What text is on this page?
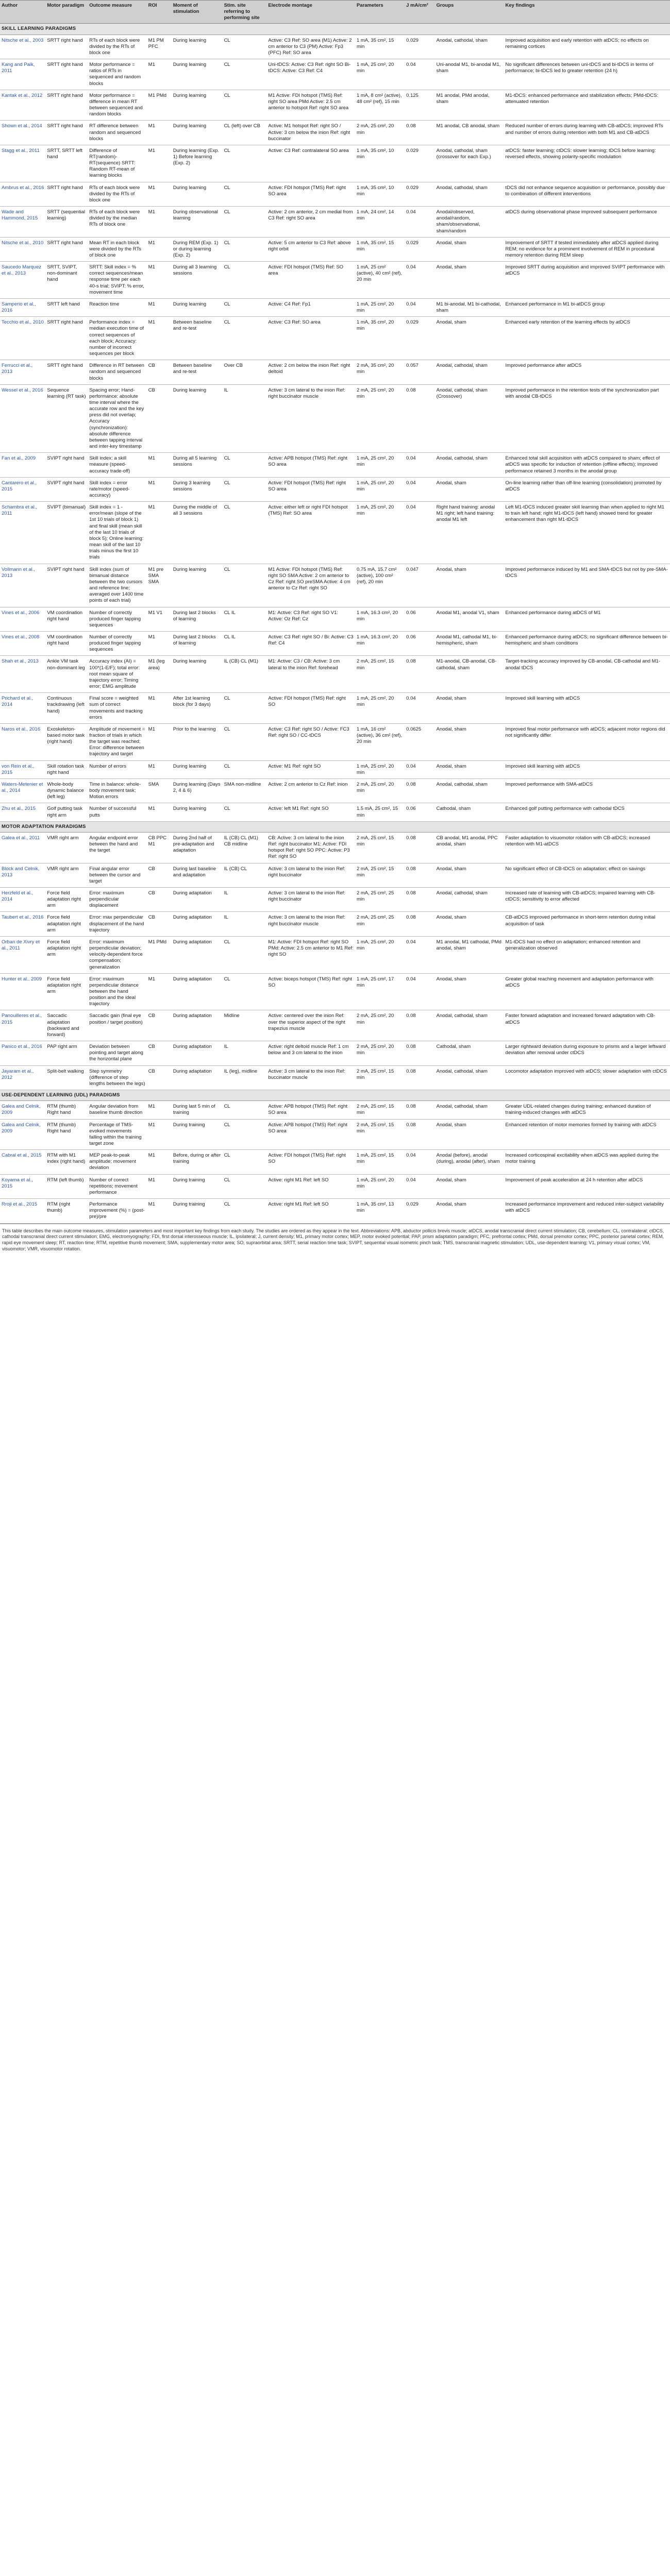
Author	Motor paradigm	Outcome measure	ROI	Moment of stimulation	Stim. site referring to performing site	Electrode montage	Parameters	J mA/cm²	Groups	Key findings
SKILL LEARNING PARADIGMS										
Nitsche et al., 2003	SRTT right hand	RTs of each block were divided by the RTs of block one	M1 PM PFC	During learning	CL	Active: C3 Ref: SO area (M1) Active: 2 cm anterior to C3 (PM) Active: Fp3 (PFC) Ref: SO area	1 mA, 35 cm², 15 min	0.029	Anodal, cathodal, sham	Improved acquisition and early retention with atDCS; no effects on remaining cortices
Kang and Paik, 2011	SRTT right hand	Motor performance = ratios of RTs in sequenced and random blocks	M1	During learning	CL	Uni-tDCS: Active: C3 Ref: right SO Bi-tDCS: Active: C3 Ref: C4	1 mA, 25 cm², 20 min	0.04	Uni-anodal M1, bi-anodal M1, sham	No significant differences between uni-tDCS and bi-tDCS in terms of performance; bi-tDCS led to greater retention (24 h)
Kantak et al., 2012	SRTT right hand	Motor performance = difference in mean RT between sequenced and random blocks	M1 PMd	During learning	CL	M1 Active: FDI hotspot (TMS) Ref: right SO area PMd Active: 2.5 cm anterior to hotspot Ref: right SO area	1 mA, 8 cm² (active), 48 cm² (ref), 15 min	0.125	M1 anodal, PMd anodal, sham	M1-tDCS: enhanced performance and stabilization effects; PMd-tDCS: attenuated retention
Shown et al., 2014	SRTT right hand	RT difference between random and sequenced blocks	M1	During learning	CL (left) over CB	Active: M1 hotspot Ref: right SO / Active: 3 cm below the inion Ref: right buccinator	2 mA, 25 cm², 20 min	0.08	M1 anodal, CB anodal, sham	Reduced number of errors during learning with CB-atDCS; improved RTs and number of errors during retention with both M1 and CB-atDCS
Stagg et al., 2011	SRTT, SRTT left hand	Difference of RT(random)-RT(sequence) SRTT: Random RT-mean of learning blocks	M1	During learning (Exp. 1) Before learning (Exp. 2)	CL	Active: C3 Ref: contralateral SO area	1 mA, 35 cm², 10 min	0.029	Anodal, cathodal, sham (crossover for each Exp.)	atDCS: faster learning; ctDCS: slower learning; tDCS before learning: reversed effects, showing polarity-specific modulation
Ambrus et al., 2016	SRTT right hand	RTs of each block were divided by the RTs of block one	M1	During learning	CL	Active: FDI hotspot (TMS) Ref: right SO area	1 mA, 35 cm², 10 min	0.029	Anodal, cathodal, sham	tDCS did not enhance sequence acquisition or performance, possibly due to combination of different interventions
Wade and Hammond, 2015	SRTT (sequential learning)	RTs of each block were divided by the median RTs of block one	M1	During observational learning	CL	Active: 2 cm anterior, 2 cm medial from C3 Ref: right SO area	1 mA, 24 cm², 14 min	0.04	Anodal/observed, anodal/random, sham/observational, sham/random	atDCS during observational phase improved subsequent performance
Nitsche et al., 2010	SRTT right hand	Mean RT in each block were divided by the RTs of block one	M1	During REM (Exp. 1) or during learning (Exp. 2)	CL	Active: 5 cm anterior to C3 Ref: above right orbit	1 mA, 35 cm², 15 min	0.029	Anodal, sham	Improvement of SRTT if tested immediately after atDCS applied during REM; no evidence for a prominent involvement of REM in procedural memory retention during REM sleep
Saucedo Marquez et al., 2013	SRTT, SVIPT, non-dominant hand	SRTT: Skill index = % correct sequences/mean response time per each 40-s trial; SVIPT: % error, movement time	M1	During all 3 learning sessions	CL	Active: FDI hotspot (TMS) Ref: SO area	1 mA, 25 cm² (active), 40 cm² (ref), 20 min	0.04	Anodal, sham	Improved SRTT during acquisition and improved SVIPT performance with atDCS
Samperio et al., 2016	SRTT left hand	Reaction time	M1	During learning	CL	Active: C4 Ref: Fp1	1 mA, 25 cm², 20 min	0.04	M1 bi-anodal, M1 bi-cathodal, sham	Enhanced performance in M1 bi-atDCS group
Tecchio et al., 2010	SRTT right hand	Performance index = median execution time of correct sequences of each block; Accuracy: number of incorrect sequences per block	M1	Between baseline and re-test	CL	Active: C3 Ref: SO area	1 mA, 35 cm², 20 min	0.029	Anodal, sham	Enhanced early retention of the learning effects by atDCS
Ferrucci et al., 2013	SRTT right hand	Difference in RT between random and sequenced blocks	CB	Between baseline and re-test	Over CB	Active: 2 cm below the inion Ref: right deltoid	2 mA, 35 cm², 20 min	0.057	Anodal, cathodal, sham	Improved performance after atDCS
Wessel et al., 2016	Sequence learning (RT task)	Spacing error; Hand-performance: absolute time interval where the accurate row and the key press did not overlap; Accuracy (synchronization): absolute difference between tapping interval and inter-key timestamp	CB	During learning	IL	Active: 3 cm lateral to the inion Ref: right buccinator muscle	2 mA, 25 cm², 20 min	0.08	Anodal, cathodal, sham (Crossover)	Improved performance in the retention tests of the synchronization part with anodal CB-tDCS
Fan et al., 2009	SVIPT right hand	Skill index: a skill measure (speed-accuracy trade-off)	M1	During all 5 learning sessions	CL	Active: APB hotspot (TMS) Ref: right SO area	1 mA, 25 cm², 20 min	0.04	Anodal, cathodal, sham	Enhanced total skill acquisition with atDCS compared to sham; effect of atDCS was specific for induction of retention (offline effects); improved performance retained 3 months in the anodal group
Cantarero et al., 2015	SVIPT right hand	Skill index = error rate/motor (speed-accuracy)	M1	During 3 learning sessions	CL	Active: FDI hotspot (TMS) Ref: right SO area	1 mA, 25 cm², 20 min	0.04	Anodal, sham	On-line learning rather than off-line learning (consolidation) promoted by atDCS
Schambra et al., 2011	SVIPT (bimanual)	Skill index = 1 - error/mean (slope of the 1st 10 trials of block 1) and final skill (mean skill of the last 10 trials of block 5); Online learning: mean skill of the last 10 trials minus the first 10 trials	M1	During the middle of all 3 sessions	CL	Active: either left or right FDI hotspot (TMS) Ref: SO area	1 mA, 25 cm², 20 min	0.04	Right hand training: anodal M1 right; left hand training: anodal M1 left	Left M1-tDCS induced greater skill learning than when applied to right M1 to train left hand; right M1-tDCS (left hand) showed trend for greater enhancement than right M1-tDCS
Vollmann et al., 2013	SVIPT right hand	Skill index (sum of bimanual distance between the two cursors and reference line; averaged over 1400 time points of each trial)	M1 pre SMA SMA	During learning	CL	M1 Active: FDI hotspot (TMS) Ref: right SO SMA Active: 2 cm anterior to Cz Ref: right SO preSMA Active: 4 cm anterior to Cz Ref: right SO	0.75 mA, 15.7 cm² (active), 100 cm² (ref), 20 min	0.047	Anodal, sham	Improved performance induced by M1 and SMA-tDCS but not by pre-SMA-tDCS
Vines et al., 2006	VM coordination right hand	Number of correctly produced finger tapping sequences	M1 V1	During last 2 blocks of learning	CL IL	M1: Active: C3 Ref: right SO V1: Active: Oz Ref: Cz	1 mA, 16.3 cm², 20 min	0.06	Anodal M1, anodal V1, sham	Enhanced performance during atDCS of M1
Vines et al., 2008	VM coordination right hand	Number of correctly produced finger tapping sequences	M1	During last 2 blocks of learning	CL IL	Active: C3 Ref: right SO / Bi: Active: C3 Ref: C4	1 mA, 16.3 cm², 20 min	0.06	Anodal M1, cathodal M1, bi-hemispheric, sham	Enhanced performance during atDCS; no significant difference between bi-hemispheric and sham conditions
Shah et al., 2013	Ankle VM task non-dominant leg	Accuracy index (AI) = 100*(1-E/F); total error: root mean square of trajectory error; Timing error; EMG amplitude	M1 (leg area)	During learning	IL (CB) CL (M1)	M1: Active: C3 / CB: Active: 3 cm lateral to the inion Ref: forehead	2 mA, 25 cm², 15 min	0.08	M1-anodal, CB-anodal, CB-cathodal, sham	Target-tracking accuracy improved by CB-anodal, CB-cathodal and M1-anodal tDCS
Prichard et al., 2014	Continuous trackdrawing (left hand)	Final score = weighted sum of correct movements and tracking errors	M1	After 1st learning block (for 3 days)	CL	Active: FDI hotspot (TMS) Ref: right SO	1 mA, 25 cm², 20 min	0.04	Anodal, sham	Improved skill learning with atDCS
Naros et al., 2016	Exoskeleton-based motor task (right hand)	Amplitude of movement = fraction of trials in which the target was reached; Error: difference between trajectory and target	M1	Prior to the learning	CL	Active: C3 Ref: right SO / Active: FC3 Ref: right SO / CC-tDCS	1 mA, 16 cm² (active), 36 cm² (ref), 20 min	0.0625	Anodal, sham	Improved final motor performance with atDCS; adjacent motor regions did not significantly differ
von Rein et al., 2015	Skill rotation task right hand	Number of errors	M1	During learning	CL	Active: M1 Ref: right SO	1 mA, 25 cm², 20 min	0.04	Anodal, sham	Improved skill learning with atDCS
Waters-Metenier et al., 2014	Whole-body dynamic balance (left leg)	Time in balance: whole-body movement task; Motion errors	SMA	During learning (Days 2, 4 & 6)	SMA non-midline	Active: 2 cm anterior to Cz Ref: inion	2 mA, 25 cm², 20 min	0.08	Anodal, cathodal, sham	Improved performance with SMA-atDCS
Zhu et al., 2015	Golf putting task right arm	Number of successful putts	M1	During learning	CL	Active: left M1 Ref: right SO	1.5 mA, 25 cm², 15 min	0.06	Cathodal, sham	Enhanced golf putting performance with cathodal tDCS
MOTOR ADAPTATION PARADIGMS										
Galea et al., 2011	VMR right arm	Angular endpoint error between the hand and the target	CB PPC M1	During 2nd half of pre-adaptation and adaptation	IL (CB) CL (M1) CB midline	CB: Active: 3 cm lateral to the inion Ref: right buccinator M1: Active: FDI hotspot Ref: right SO PPC: Active: P3 Ref: right SO	2 mA, 25 cm², 15 min	0.08	CB anodal, M1 anodal, PPC anodal, sham	Faster adaptation to visuomotor rotation with CB-atDCS; increased retention with M1-atDCS
Block and Celnik, 2013	VMR right arm	Final angular error between the cursor and target	CB	During last baseline and adaptation	IL (CB) CL	Active: 3 cm lateral to the inion Ref: right buccinator	2 mA, 25 cm², 15 min	0.08	Anodal, sham	No significant effect of CB-tDCS on adaptation; effect on savings
Herzfeld et al., 2014	Force field adaptation right arm	Error: maximum perpendicular displacement	CB	During adaptation	IL	Active: 3 cm lateral to the inion Ref: right buccinator	2 mA, 25 cm², 25 min	0.08	Anodal, cathodal, sham	Increased rate of learning with CB-atDCS; impaired learning with CB-ctDCS; sensitivity to error affected
Taubert et al., 2016	Force field adaptation right arm	Error: max perpendicular displacement of the hand trajectory	CB	During adaptation	IL	Active: 3 cm lateral to the inion Ref: right buccinator muscle	2 mA, 25 cm², 25 min	0.08	Anodal, sham	CB-atDCS improved performance in short-term retention during initial acquisition of task
Orban de Xivry et al., 2011	Force field adaptation right arm	Error: maximum perpendicular deviation; velocity-dependent force compensation; generalization	M1 PMd	During adaptation	CL	M1: Active: FDI hotspot Ref: right SO PMd: Active: 2.5 cm anterior to M1 Ref: right SO	1 mA, 25 cm², 20 min	0.04	M1 anodal, M1 cathodal, PMd anodal, sham	M1-tDCS had no effect on adaptation; enhanced retention and generalization observed
Hunter et al., 2009	Force field adaptation right arm	Error: maximum perpendicular distance between the hand position and the ideal trajectory	M1	During adaptation	CL	Active: biceps hotspot (TMS) Ref: right SO	1 mA, 25 cm², 17 min	0.04	Anodal, sham	Greater global reaching movement and adaptation performance with atDCS
Panouilleres et al., 2015	Saccadic adaptation (backward and forward)	Saccadic gain (final eye position / target position)	CB	During adaptation	Midline	Active: centered over the inion Ref: over the superior aspect of the right trapezius muscle	2 mA, 25 cm², 20 min	0.08	Anodal, cathodal, sham	Faster forward adaptation and increased forward adaptation with CB-atDCS
Panico et al., 2016	PAP right arm	Deviation between pointing and target along the horizontal plane	CB	During adaptation	IL	Active: right deltoid muscle Ref: 1 cm below and 3 cm lateral to the inion	2 mA, 25 cm², 20 min	0.08	Cathodal, sham	Larger rightward deviation during exposure to prisms and a larger leftward deviation after removal under ctDCS
Jayaram et al., 2012	Split-belt walking	Step symmetry (difference of step lengths between the legs)	CB	During adaptation	IL (leg), midline	Active: 3 cm lateral to the inion Ref: buccinator muscle	2 mA, 25 cm², 15 min	0.08	Anodal, cathodal, sham	Locomotor adaptation improved with atDCS; slower adaptation with ctDCS
USE-DEPENDENT LEARNING (UDL) PARADIGMS										
Galea and Celnik, 2009	RTM (thumb) Right hand	Angular deviation from baseline thumb direction	M1	During last 5 min of training	CL	Active: APB hotspot (TMS) Ref: right SO area	2 mA, 25 cm², 15 min	0.08	Anodal, cathodal, sham	Greater UDL-related changes during training; enhanced duration of training-induced changes with atDCS
Galea and Celnik, 2009	RTM (thumb) Right hand	Percentage of TMS-evoked movements falling within the training target zone	M1	During training	CL	Active: APB hotspot (TMS) Ref: right SO area	2 mA, 25 cm², 15 min	0.08	Anodal, sham	Enhanced retention of motor memories formed by training with atDCS
Cabral et al., 2015	RTM with M1 index (right hand)	MEP peak-to-peak amplitude; movement deviation	M1	Before, during or after training	CL	Active: FDI hotspot (TMS) Ref: right SO	1 mA, 25 cm², 15 min	0.04	Anodal (before), anodal (during), anodal (after), sham	Increased corticospinal excitability when atDCS was applied during the motor training
Koyama et al., 2015	RTM (left thumb)	Number of correct repetitions; movement performance	M1	During training	CL	Active: right M1 Ref: left SO	1 mA, 25 cm², 20 min	0.04	Anodal, sham	Improvement of peak acceleration at 24 h retention after atDCS
Rroji et al., 2015	RTM (right thumb)	Performance improvement (%) = (post-pre)/pre	M1	During training	CL	Active: right M1 Ref: left SO	1 mA, 35 cm², 13 min	0.029	Anodal, sham	Increased performance improvement and reduced inter-subject variability with atDCS
This table describes the main outcome measures, stimulation parameters and most important key findings from each study. The studies are ordered as they appear in the text. Abbreviations: APB, abductor pollicis brevis muscle; atDCS, anodal transcranial direct current stimulation; CB, cerebellum; CL, contralateral; ctDCS, cathodal transcranial direct current stimulation; EMG, electromyography; FDI, first dorsal interosseous muscle; IL, ipsilateral; J, current density; M1, primary motor cortex; MEP, motor evoked potential; PAP, prism adaptation paradigm; PFC, prefrontal cortex; PMd, dorsal premotor cortex; PPC, posterior parietal cortex; REM, rapid eye movement sleep; RT, reaction time; RTM, repetitive thumb movement; SMA, supplementary motor area; SO, supraorbital area; SRTT, serial reaction time task; SVIPT, sequential visual isometric pinch task; TMS, transcranial magnetic stimulation; UDL, use-dependent learning; V1, primary visual cortex; VM, visuomotor; VMR, visuomotor rotation.
